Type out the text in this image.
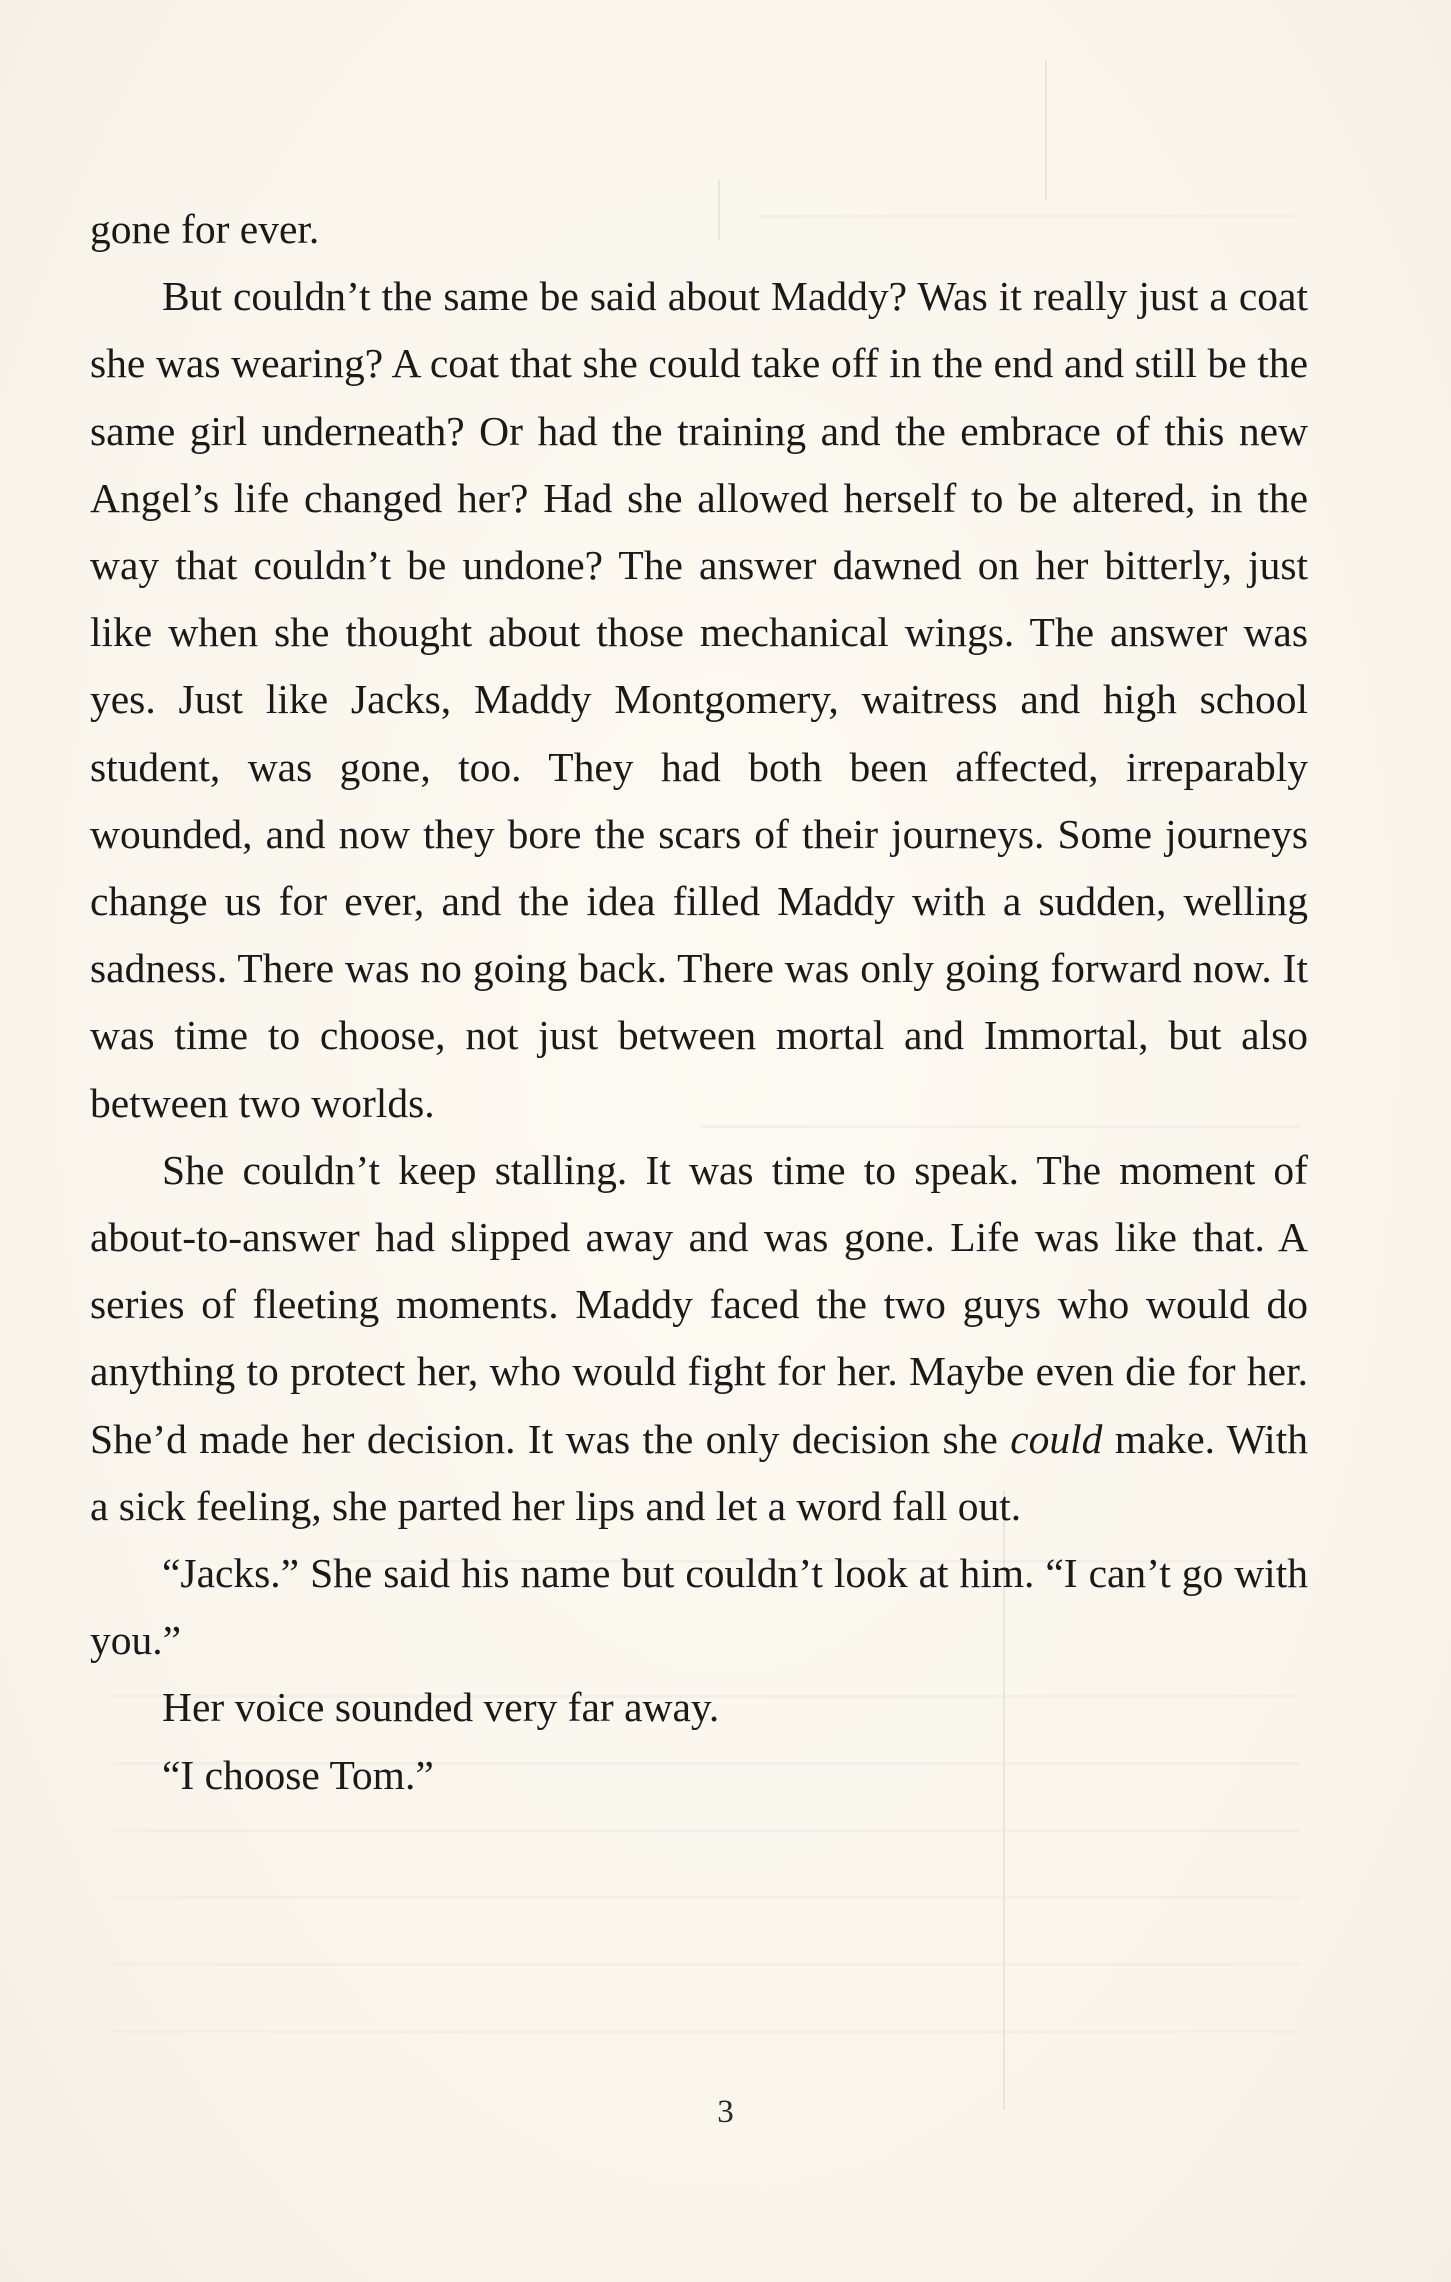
gone for ever.

But couldn’t the same be said about Maddy? Was it really just a coat she was wearing? A coat that she could take off in the end and still be the same girl underneath? Or had the training and the embrace of this new Angel’s life changed her? Had she allowed herself to be altered, in the way that couldn’t be undone? The answer dawned on her bitterly, just like when she thought about those mechanical wings. The answer was yes. Just like Jacks, Maddy Montgomery, waitress and high school student, was gone, too. They had both been affected, irreparably wounded, and now they bore the scars of their journeys. Some journeys change us for ever, and the idea filled Maddy with a sudden, welling sadness. There was no going back. There was only going forward now. It was time to choose, not just between mortal and Immortal, but also between two worlds.

She couldn’t keep stalling. It was time to speak. The moment of about-to-answer had slipped away and was gone. Life was like that. A series of fleeting moments. Maddy faced the two guys who would do anything to protect her, who would fight for her. Maybe even die for her. She’d made her decision. It was the only decision she could make. With a sick feeling, she parted her lips and let a word fall out.

“Jacks.” She said his name but couldn’t look at him. “I can’t go with you.”

Her voice sounded very far away.

“I choose Tom.”

3
